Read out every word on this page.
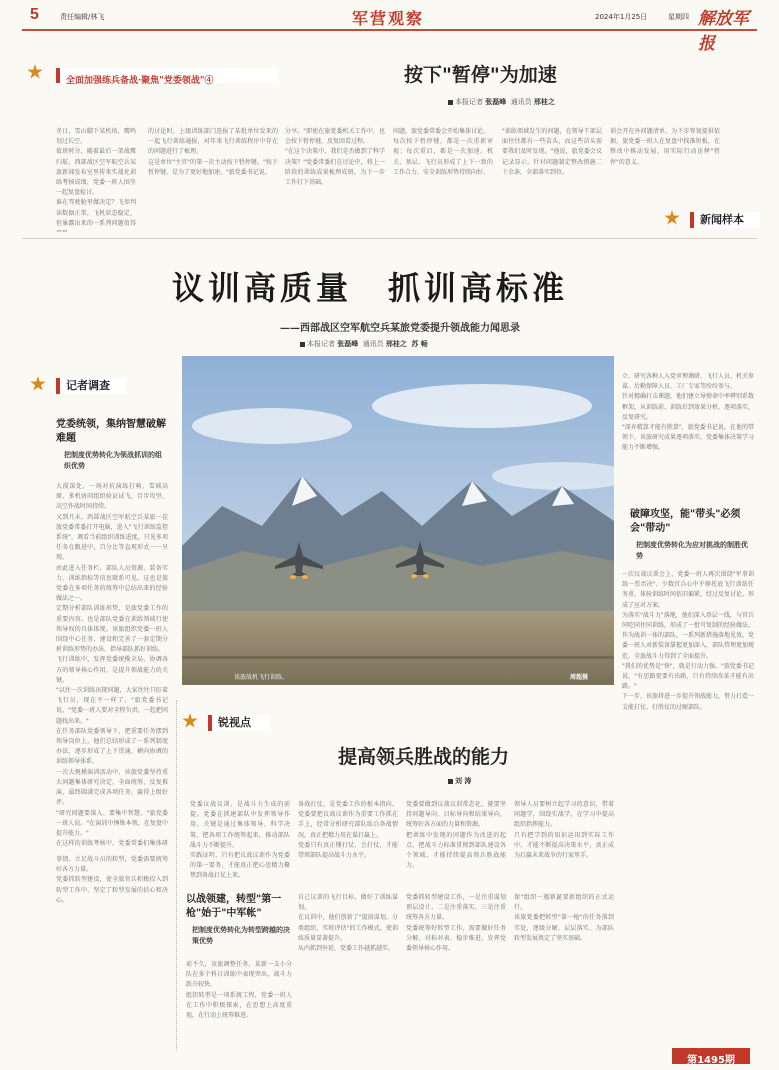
5	责任编辑/林飞	军营观察	2024年1月25日	星期四 解放军报
全面加强练兵备战·聚焦"党委领战"④	按下"暂停"为加速
本报记者 张磊峰 通讯员 邢桂之
冬日，雪山脚下某机场，鹰鸣划过长空。
值班时分，随着最后一架战鹰归航，西部战区空军航空兵某旅新闻发布室里传来实战化训练考核成绩，党委一班人围坐一起复盘检讨。
谁在驾驶舱里做决定？飞参判读数据正常，飞机状态稳定，但暴露出来的一系列问题值得
的讨论时，上级训练部门连报了某批单位发来的一起飞行训练通报，对年来飞行训练程序中存在的问题进行了梳理。
这是单位"主官"的第一次主动按下暂停键。"按下暂停键，是为了更好地加速。"旅党委书记说。
分享。"即使在旅党委机关工作中，也会按下暂停键，反复回看过程。
"在这个决策中，我们是否做到了科学决策？"党委常委们在讨论中，将上一阶段的训练成果梳理成册，为下一步工作打下基础。
问题，旅党委常委会开始集体讨论。
每次按下暂停键，都是一次重新审视；每次重启，都是一次加速。机关、基层、飞行员形成了上下一致的工作合力，安全训练形势持续向好。
"训练领域发生的问题，在领导干部层面往往都有一些苗头，而这些苗头需要我们及时发现。"他说，旅党委会议记录显示，针对问题制定整改措施二十余条，全部落实到位。
训会开在外问题清单，为下步筹划提供依据。旅党委一班人在复盘中找准短板，在整改中推动发展，用实际行动诠释"暂停"的意义。
新闻样本
议训高质量　抓训高标准
——西部战区空军航空兵某旅党委提升领战能力闻思录
本报记者 张磊峰 通讯员 邢桂之 苏 畅
记者调查
党委统领，集纳智慧破解难题
把制度优势转化为领战抓训的组织优势
大漠深处，一场对抗演练打响，雪域高原，多机协同组织验证试飞，百步攻坚，高空作战时间持续。
又到月末，西部战区空军航空兵某旅一茬旅党委常委打开电脑，进入"飞行训练监控系统"，调看当前组织训练进度，只见多项任务在跟进中，百分比等直观形式一一呈现。
由此进入任务栏，部队人员资源、装备实力、训练指标等信息联系可见。这也是旅党委在多项任务的统筹中总结出来的经验做法之一。
定期分析部队训练形势，是旅党委工作的重要内容。也是部队党委在训练领域行使领导权的具体体现。该旅组织党委一班人围绕中心任务，建设和完善了一套定期分析训练形势的办法，指导部队抓好训练。
飞行训练中，发挥党委统揽全局、协调各方的领导核心作用，是提升领战能力的关键。
"以往一次训练出现问题，大家往往只盯着飞行员，现在不一样了。"旅党委书记说，"党委一班人要对全程负责，一起把问题找出来。"
在任务部队党委领导下，把重要任务摆到领导岗位上，他们总结形成了一系列制度办法，逐步形成了上下贯通、横向协调的训练领导体系。
一次大规模演训活动中，该旅党委坚持重大问题集体研究决定，全面统筹，反复推演，最终圆满完成各项任务，赢得上级好评。
"研究问题要深入、要集中智慧。"旅党委一班人说。"在演训中锤炼本领，在复盘中提升能力。"
在这样的训练考核中，党委常委们集体研
该旅战机飞行训练。	周超摄
立、研究各种人入党审理调研，飞行人员、机关参谋、后勤保障人员、工厂专家等纷纷参与。
针对精确打击课题，他们建立导弹命中率辨别系数框架，从训练前、训练后到效果分析，逐项落实，反复研究。
"深弃精算才能有胜算"，旅党委书记说。在他的带领下，该旅研究成果逐项落实，党委集体决策学习能力不断增强。
破障攻坚，能"带头"必须会"带动"
把制度优势转化为应对挑战的制胜优势
一次议战议训会上，党委一班人再次围绕"军事训练一票否决"、少数官兵心中不够托底飞行训练任务重，体验训练时间依旧偏紧，经过反复讨论，形成了应对方案。
为落实"战斗力"落地，他们深入基层一线，与官兵同吃同住同训练，形成了一批可复制的经验做法。
作为战训一体的部队，一系列新措施落地见效，党委一班人对新装备掌握更加深入，部队管理更加规范，全旅战斗力得到了全面提升。
"我们的优势是"快"，就是行动力强。"旅党委书记说，"有思路更要有出路，只有持续改革才能有出路。"
下一步，该旅将进一步提升领战能力，努力打造一支能打仗、打胜仗的过硬部队。
锐视点
提高领兵胜战的能力
刘 涛
党委议战议训，是战斗力生成的前提。党委在抓建部队中发挥领导作用，关键是通过集体领导、科学决策，把各项工作统筹起来，推动部队战斗力不断提升。
实践证明，只有把议战议训作为党委的第一要务，才能真正把心思精力聚焦到备战打仗上来。
备战打仗，是党委工作的根本指向。党委要把议战议训作为重要工作抓在手上，经常分析研究部队练兵备战情况，真正把精力用在谋打赢上。
党委只有真正懂打仗、会打仗，才能带领部队提高战斗力水平。
党委要做到议战议训常态化，就要坚持问题导向、目标导向和结果导向，统筹好各方面的力量和资源。
把训练中发现的问题作为改进的起点，把战斗力标准贯彻到部队建设各个领域，才能持续提高领兵胜战能力。
领导人员要树立起学习的意识，带着问题学，围绕实战学，在学习中提高组织指挥能力。
只有把学到的知识运用到实际工作中，才能不断提高决策水平，真正成为打赢未来战争的行家里手。
以战领建，转型"第一枪"始于"中军帐"
把制度优势转化为转型跨越的决策优势
前不久，该旅调整任务，某新一支小分队在多个科目训练中表现突出，战斗力跃升较快。
组织转型是一项系统工程，党委一班人在工作中积极探索，在思想上高度重视，在行动上统筹推进。
自己议训的飞行目标，做好了训练谋划。
在议训中，他们创新了"提前谋划、分类组织、实时评估"的工作模式，使训练质量显著提升。
从内抓到外延，党委工作越抓越实。
党委抓转型建设工作，一是注重谋划顶层设计，二是注重落实，三是注重统筹各方力量。
党委统筹好转型工作，需要做好任务分解、对标对表、稳步推进，发挥党委领导核心作用。
保"组织一遇新诞要新组织的正式运行。
该旅党委把转型"第一枪"的任务落到实处，逐级分解，层层落实，为部队转型发展奠定了坚实基础。
事情。立足战斗员的转型，党委需要统筹好各方力量。
党委抓转型建设，使全旅官兵积极投入到转型工作中，坚定了转型发展的信心和决心。
第1495期
